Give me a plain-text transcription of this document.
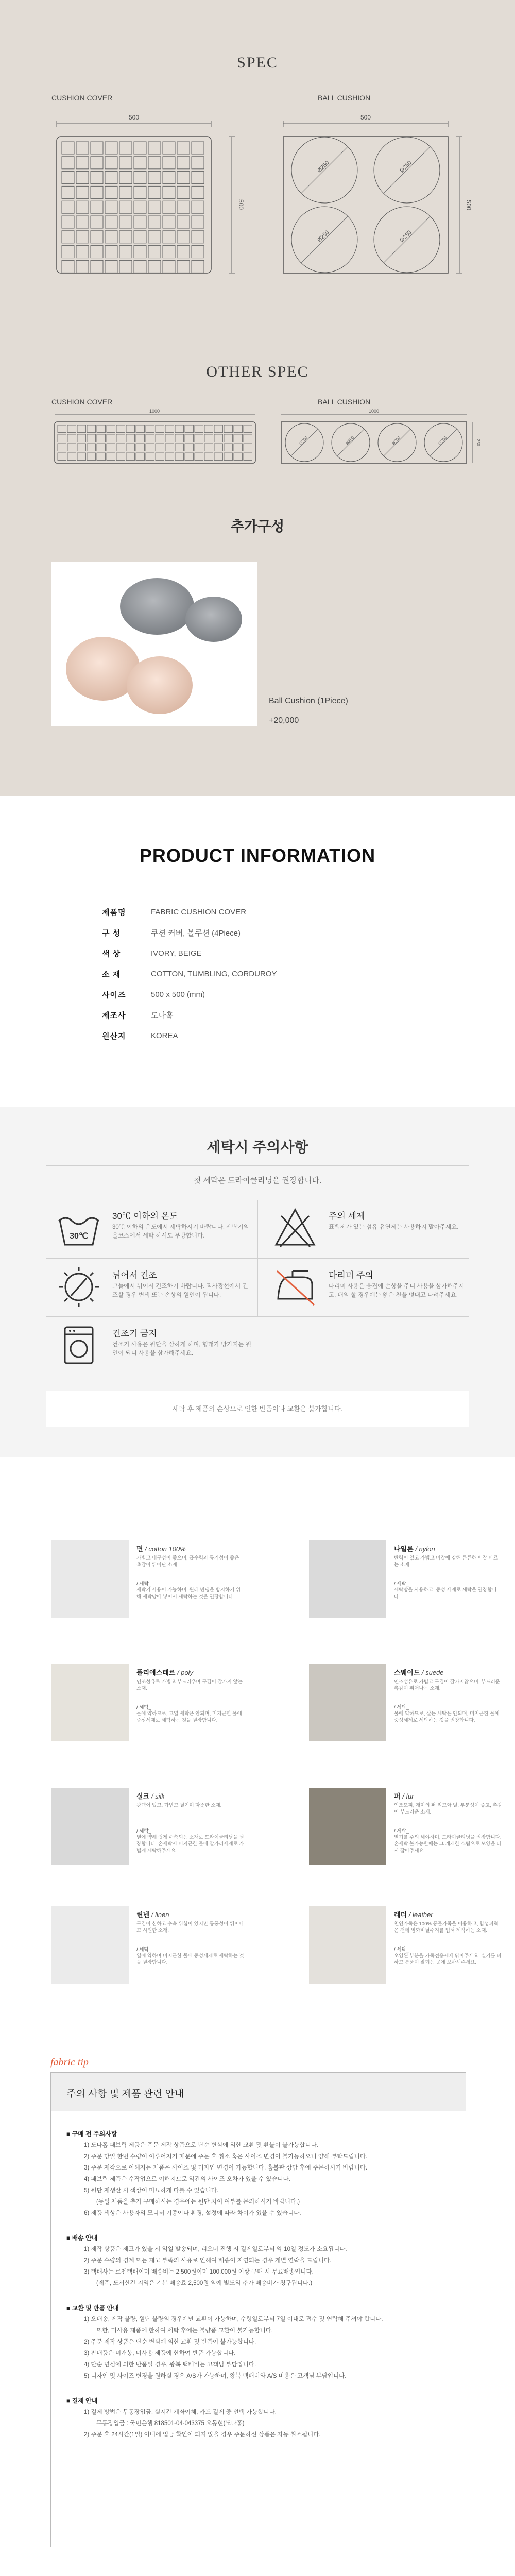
SPEC
CUSHION COVER	BALL CUSHION
500	500
Ø250	Ø250
Ø250	Ø250
500
500
OTHER SPEC
CUSHION COVER	BALL CUSHION
1000	1000
Ø250	Ø250	Ø250	Ø250	250
추가구성
Ball Cushion (1Piece)
+20,000
PRODUCT INFORMATION
제품명	FABRIC CUSHION COVER
구 성	쿠션 커버, 볼쿠션 (4Piece)
색 상	IVORY, BEIGE
소 재	COTTON, TUMBLING, CORDUROY
사이즈	500 x 500 (mm)
제조사	도나홈
원산지	KOREA
세탁시 주의사항
첫 세탁은 드라이클리닝을 권장합니다.
30℃
30℃ 이하의 온도
30℃ 이하의 온도에서 세탁하시기 바랍니다. 세탁기의 울코스에서 세탁 하셔도 무방합니다.
주의 세제
표백제가 있는 섬유 유연제는 사용하지 말아주세요.
뉘어서 건조
그늘에서 뉘어서 건조하기 바랍니다. 직사광선에서 건조할 경우 변색 또는 손상의 원인이 됩니다.
다리미 주의
다리미 사용은 웅겹에 손상을 주니 사용을 삼가해주시고, 배의 할 경우에는 얇은 천을 덧대고 다려주세요.
건조기 금지
건조기 사용은 원단을 상하게 하며, 형태가 망가지는 원인이 되니 사용을 삼가해주세요.
세탁 후 제품의 손상으로 인한 반품이나 교환은 불가합니다.
면 / cotton 100%
가볍고 내구성이 좋으며, 흡수력과 통기성이 좋은 촉감이 뛰어난 소재.
/ 세탁_
세탁기 사용이 가능하며, 원래 면탱을 방지하기 위해 세탁망에 넣어서 세탁하는 것을 권장합니다.
나일론 / nylon
탄력이 있고 가볍고 마찰에 강해 튼튼하며 잘 마르는 소재.
/ 세탁_
세탁망을 사용하고, 중성 세제로 세탁을 권장합니다.
폴리에스테르 / poly
인조섬유로 가볍고 부드러우며 구김이 잘가지 않는 소재.
/ 세탁_
물에 약하므로, 고열 세탁은 안되며, 미지근한 물에 중성세제로 세탁하는 것을 권장합니다.
스웨이드 / suede
인조섬유로 가볍고 구김이 잘가지않으며, 부드러운 촉감이 뛰어나는 소재.
/ 세탁_
물에 약하므로, 살는 세탁은 안되며, 미지근한 물에 중성세제로 세탁하는 것을 권장합니다.
실크 / silk
광택이 있고, 가볍고 질기며 따뜻한 소재.
/ 세탁_
열에 약해 쉽게 수축되는 소재로 드라이클리닝을 권장합니다. 손세탁시 미지근한 물에 알카리세제로 가볍게 세탁해주세요.
퍼 / fur
인조모피, 재미의 퍼 리고와 털, 부분성이 좋고, 촉감이 부드러운 소재.
/ 세탁_
열기를 주의 해야하며, 드라이클리닝을 권장합니다. 손세탁 불가능할때는 그 개재한 스팀으로 모양을 다시 잡아주세요.
린넨 / linen
구김이 심하고 수축 위험이 있지만 통풍성이 뛰어나고 시원한 소재.
/ 세탁_
열에 약하며 미지근한 물에 중성세제로 세탁하는 것을 권장합니다.
레더 / leather
천연가죽은 100% 동물가죽을 이용하고, 합성피혁은 천에 염화비닐수지를 입혀 제작하는 소재.
/ 세탁_
오염된 부분을 가죽전용세제 닦아주세요. 실기를 피하고 통풍이 잘되는 곳에 보관해주세요.
fabric tip
주의 사항 및 제품 관련 안내
■ 구매 전 주의사항
1) 도나홈 패브릭 제품은 주문 제작 상품으로 단순 변심에 의한 교환 및 환불이 불가능합니다.
2) 주문 당일 한번 수량이 이루어지기 때문에 주문 후 취소 혹은 사이즈 변경이 불가능하오니 양해 부탁드립니다.
3) 주문 제작으로 이해지는 제품은 사이즈 및 디자인 변경이 가능합니다. 홈볼판 상담 후에 주문하시기 바랍니다.
4) 패브릭 제품은 수작업으로 이해지므로 약간의 사이즈 오차가 있을 수 있습니다.
5) 원단 재생산 시 색상이 미묘하게 다를 수 있습니다.
(동일 제품을 추가 구매하시는 경우에는 원단 차이 여부를 문의하시기 바랍니다.)
6) 제품 색상은 사용자의 모니터 기종이나 환경, 설정에 따라 차이가 있을 수 있습니다.
■ 배송 안내
1) 제작 상품은 제고가 있을 시 익일 발송되며, 리오더 진행 시 결제일로부터 약 10일 정도가 소요됩니다.
2) 주문 수량의 경계 또는 재고 부족의 사유로 인해여 배송이 지연되는 경우 개별 연락을 드립니다.
3) 택배사는 로젠택배이며 배송비는 2,500원이며 100,000원 이상 구매 시 무료배송입니다.
(제주, 도서산간 지역은 기본 배송료 2,500원 외에 별도의 추가 배송비가 청구됩니다.)
■ 교환 및 반품 안내
1) 오배송, 제작 불량, 원단 불량의 경우에만 교환이 가능하며, 수령일로부터 7일 이내로 접수 및 연락해 주셔야 합니다.
또한, 미사용 제품에 한하여 세탁 후에는 불량품 교환이 불가능합니다.
2) 주문 제작 상품은 단순 변심에 의한 교환 및 반품이 불가능합니다.
3) 판매품은 미개봉, 미사용 제품에 한하여 반품 가능합니다.
4) 단순 변심에 의한 반품일 경우, 왕복 택배비는 고객님 부담입니다.
5) 디자인 및 사이즈 변경을 원하실 경우 A/S가 가능하며, 왕복 택배비와 A/S 비용은 고객님 부담입니다.
■ 결제 안내
1) 결제 방법은 무통장입금, 실시간 계좌이체, 카드 결제 중 선택 가능합니다.
무통장입금 : 국민은행 818501-04-043375 오동현(도나홈)
2) 주문 후 24시간(1일) 이내에 입금 확인이 되지 않을 경우 주문하신 상품은 자동 취소됩니다.
